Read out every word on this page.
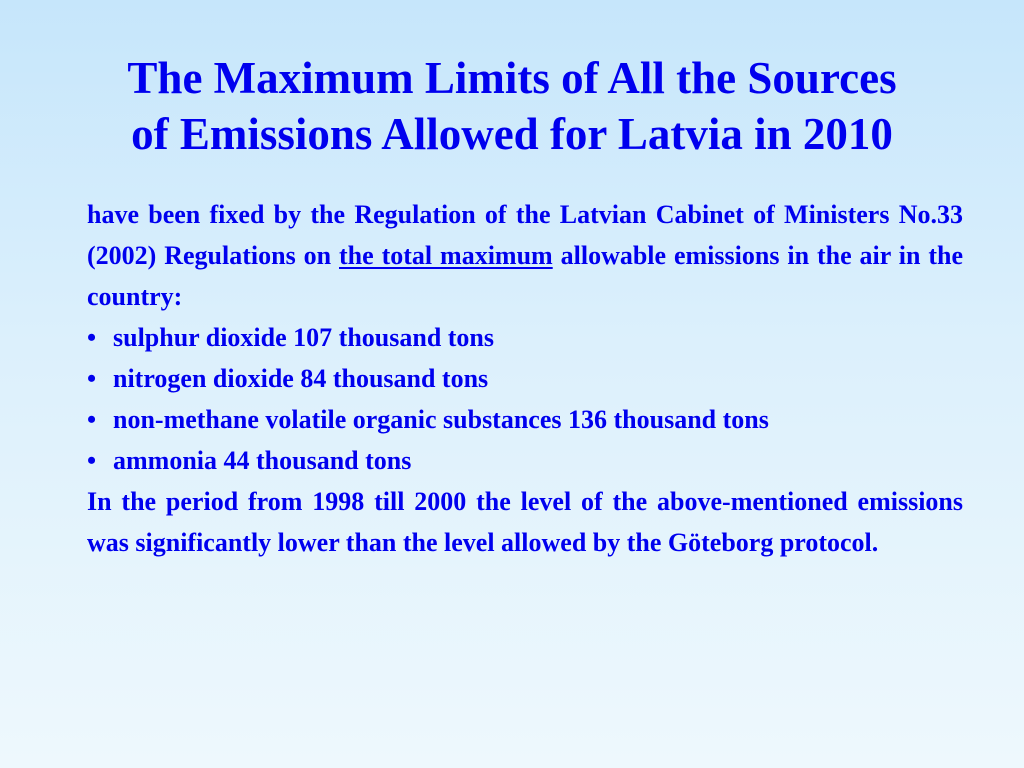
The Maximum Limits of All the Sources
of Emissions Allowed for Latvia in 2010

have been fixed by the Regulation of the Latvian Cabinet of Ministers No.33 (2002) Regulations on the total maximum allowable emissions in the air in the country:

• sulphur dioxide 107 thousand tons

• nitrogen dioxide 84 thousand tons

• non-methane volatile organic substances 136 thousand tons

• ammonia 44 thousand tons

In the period from 1998 till 2000 the level of the above-mentioned emissions was significantly lower than the level allowed by the Göteborg protocol.
